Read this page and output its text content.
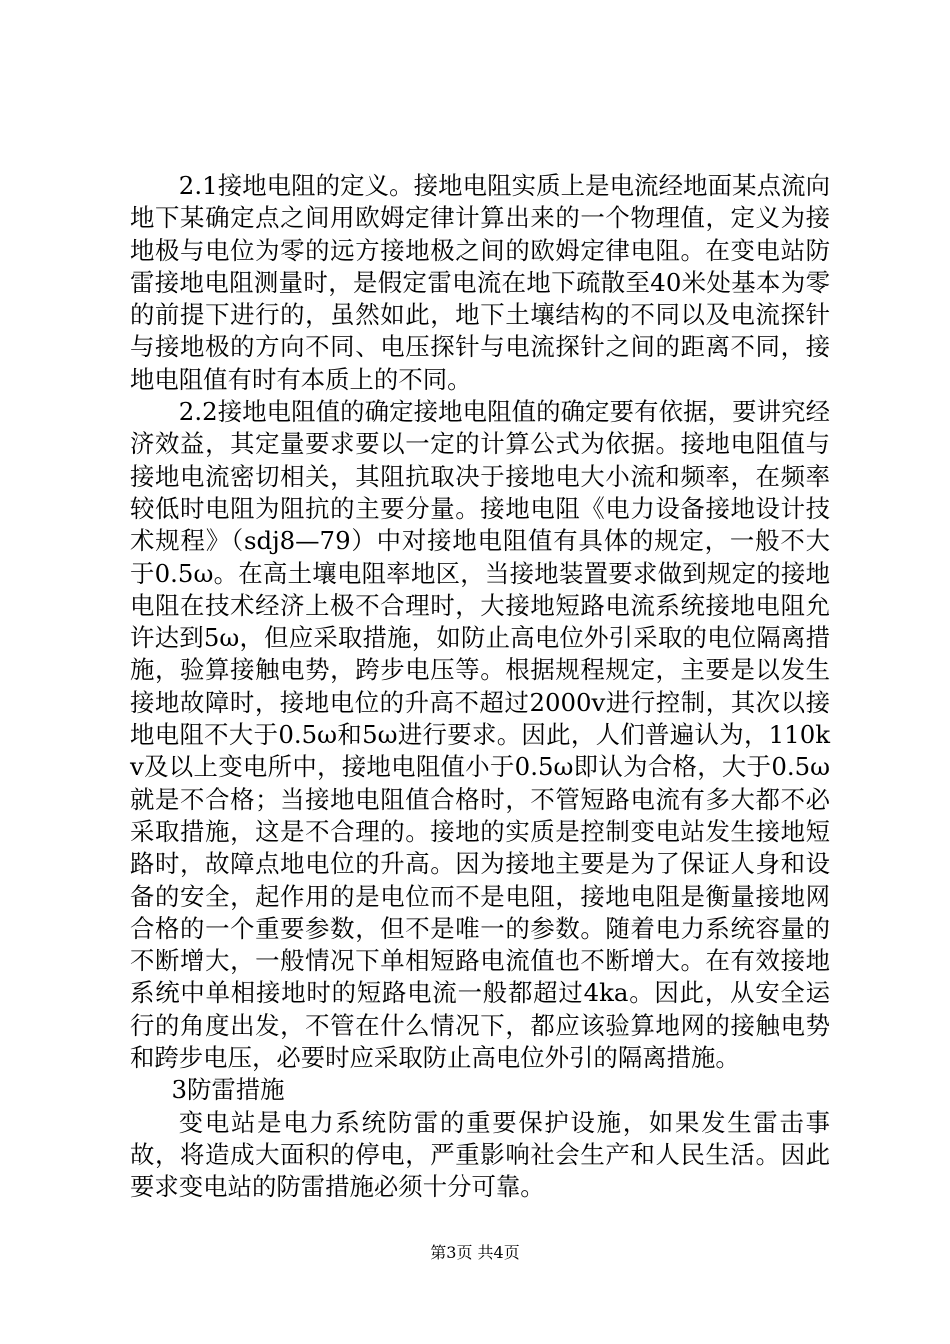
2.1接地电阻的定义。接地电阻实质上是电流经地面某点流向地下某确定点之间用欧姆定律计算出来的一个物理值，定义为接地极与电位为零的远方接地极之间的欧姆定律电阻。在变电站防雷接地电阻测量时，是假定雷电流在地下疏散至40米处基本为零的前提下进行的，虽然如此，地下土壤结构的不同以及电流探针与接地极的方向不同、电压探针与电流探针之间的距离不同，接地电阻值有时有本质上的不同。

2.2接地电阻值的确定接地电阻值的确定要有依据，要讲究经济效益，其定量要求要以一定的计算公式为依据。接地电阻值与接地电流密切相关，其阻抗取决于接地电大小流和频率，在频率较低时电阻为阻抗的主要分量。接地电阻《电力设备接地设计技术规程》（sdj8—79）中对接地电阻值有具体的规定，一般不大于0.5ω。在高土壤电阻率地区，当接地装置要求做到规定的接地电阻在技术经济上极不合理时，大接地短路电流系统接地电阻允许达到5ω，但应采取措施，如防止高电位外引采取的电位隔离措施，验算接触电势，跨步电压等。根据规程规定，主要是以发生接地故障时，接地电位的升高不超过2000v进行控制，其次以接地电阻不大于0.5ω和5ω进行要求。因此，人们普遍认为，110kv及以上变电所中，接地电阻值小于0.5ω即认为合格，大于0.5ω就是不合格；当接地电阻值合格时，不管短路电流有多大都不必采取措施，这是不合理的。接地的实质是控制变电站发生接地短路时，故障点地电位的升高。因为接地主要是为了保证人身和设备的安全，起作用的是电位而不是电阻，接地电阻是衡量接地网合格的一个重要参数，但不是唯一的参数。随着电力系统容量的不断增大，一般情况下单相短路电流值也不断增大。在有效接地系统中单相接地时的短路电流一般都超过4ka。因此，从安全运行的角度出发，不管在什么情况下，都应该验算地网的接触电势和跨步电压，必要时应采取防止高电位外引的隔离措施。

3防雷措施

变电站是电力系统防雷的重要保护设施，如果发生雷击事故，将造成大面积的停电，严重影响社会生产和人民生活。因此要求变电站的防雷措施必须十分可靠。

第3页 共4页
